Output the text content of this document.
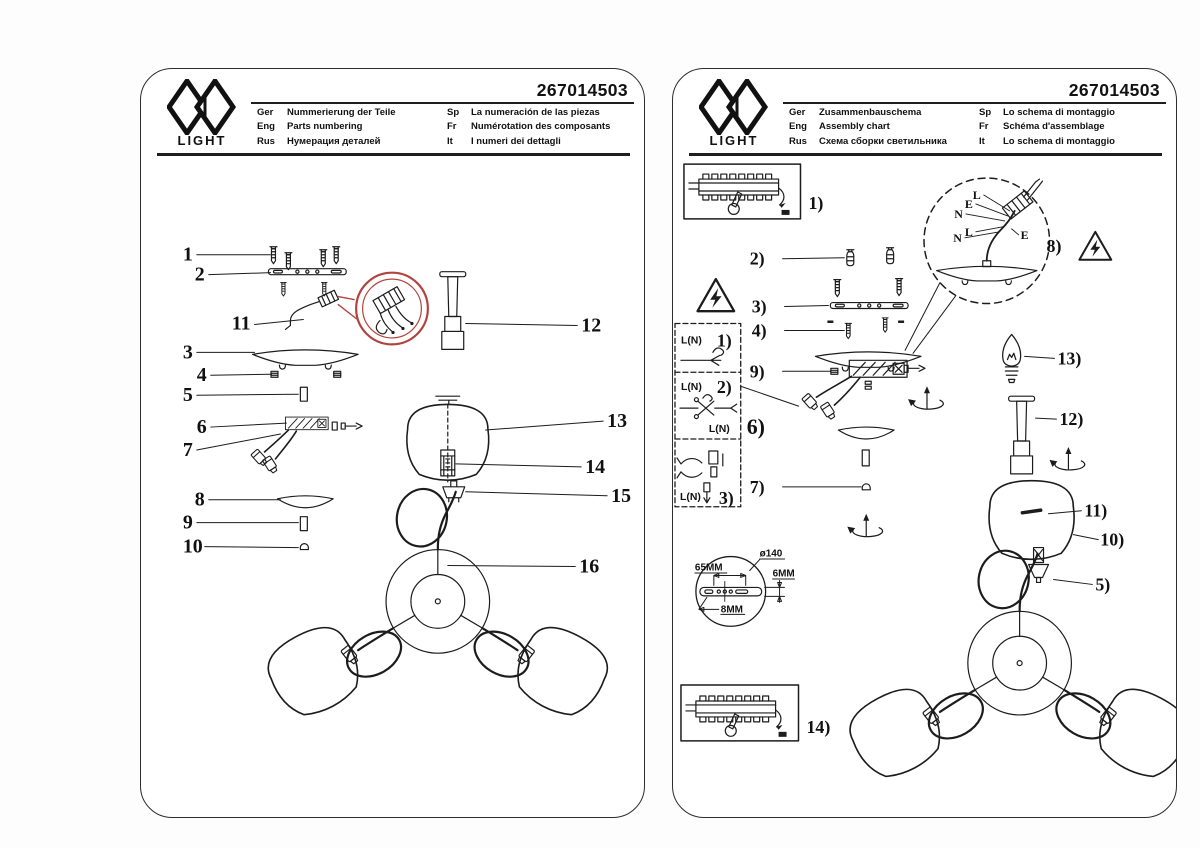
LIGHT
267014503
Ger	Nummerierung der Teile	Sp	La numeración de las piezas
Eng	Parts numbering	Fr	Numérotation des composants
Rus	Нумерация деталей	It	I numeri dei dettagli
1
2
11
3
4
5
6
7
8
9
10
12
13
14
15
16
LIGHT
267014503
Ger	Zusammenbauschema	Sp	Lo schema di montaggio
Eng	Assembly chart	Fr	Schéma d'assemblage
Rus	Схема сборки светильника	It	Lo schema di montaggio
1)
L(N) 1)
L(N) 2)
L(N)
L(N) 3)
6)
65MM
ø140
6MM
8MM
L
E
N
L
N	E
8)
14)
2)
3)
4)
9)
7)
13)
12)
11)
10)
5)
